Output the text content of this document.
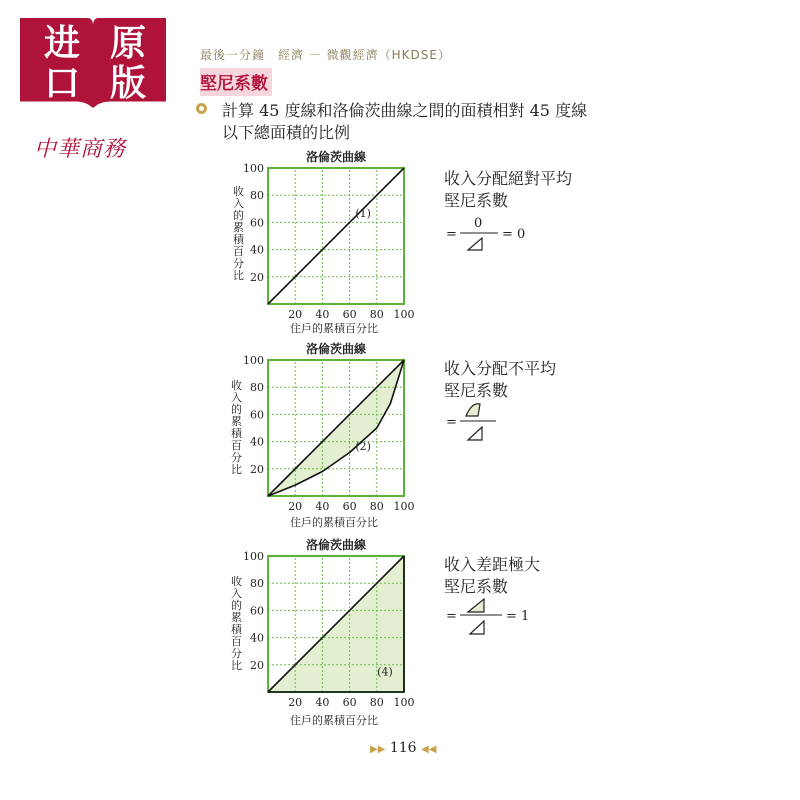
进口
原版
中華商務
最後一分鐘　經濟 － 微觀經濟（HKDSE）
堅尼系數
計算 45 度線和洛倫茨曲線之間的面積相對 45 度線
以下總面積的比例
洛倫茨曲線
收入的累積百分比
20 40 60 80 100
20
40
60
80
100
(1)
住戶的累積百分比
收入分配絕對平均
堅尼系數
=
0
= 0
洛倫茨曲線
收入的累積百分比
20 40 60 80 100
20
40
60
80
100
(2)
住戶的累積百分比
收入分配不平均
堅尼系數
=
洛倫茨曲線
收入的累積百分比
20 40 60 80 100
20
40
60
80
100
(4)
住戶的累積百分比
收入差距極大
堅尼系數
=	= 1
▶▶ 116 ◀◀
